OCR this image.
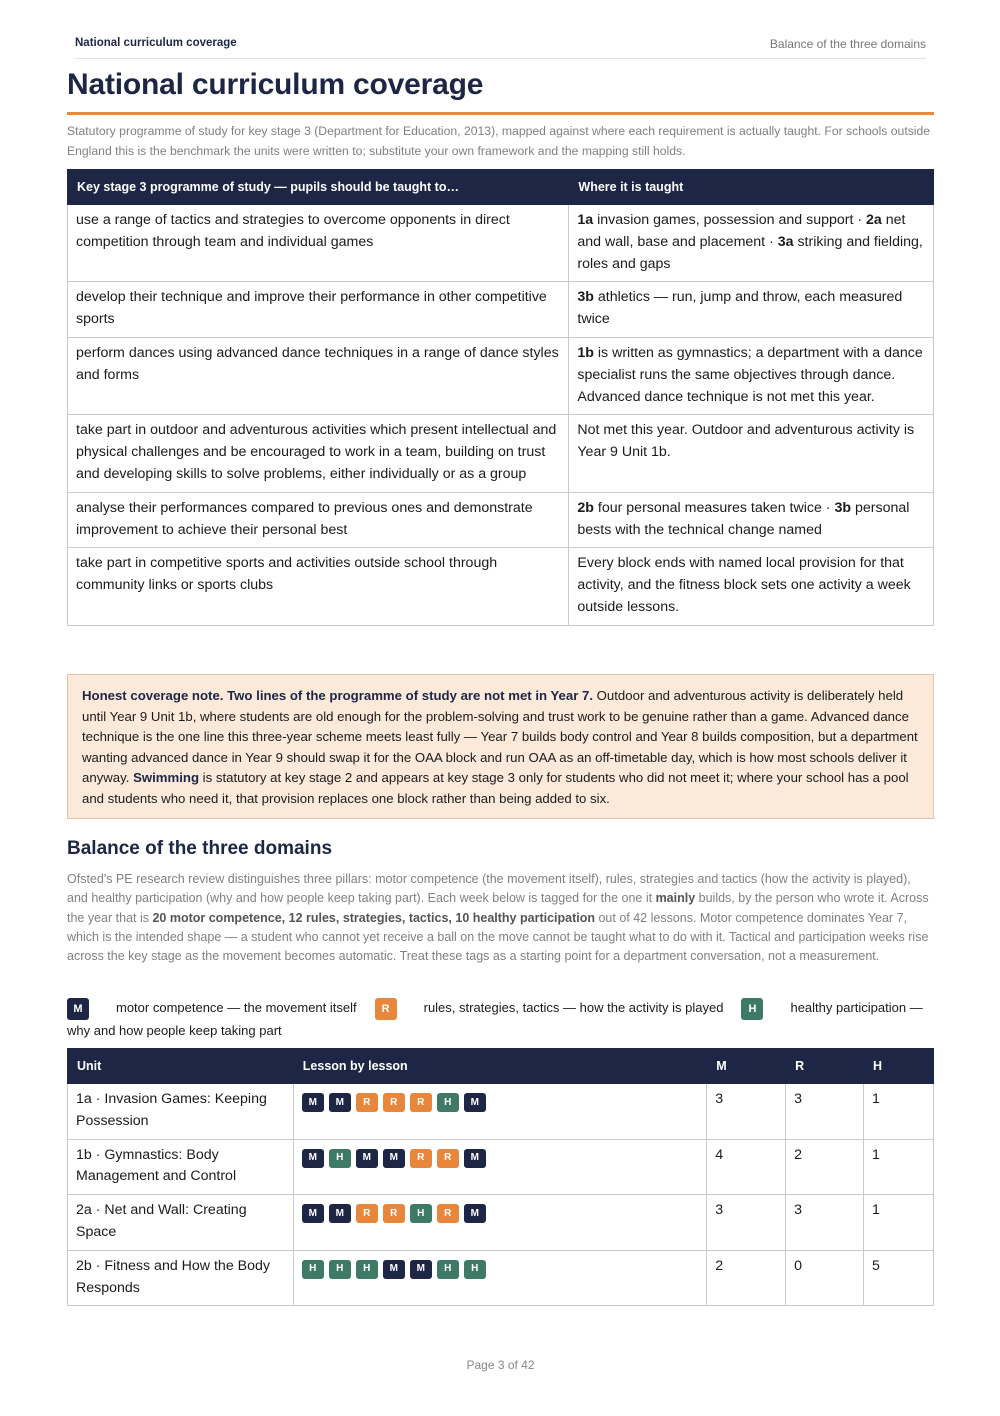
National curriculum coverage	Balance of the three domains
National curriculum coverage

Statutory programme of study for key stage 3 (Department for Education, 2013), mapped against where each requirement is actually taught. For schools outside England this is the benchmark the units were written to; substitute your own framework and the mapping still holds.

Key stage 3 programme of study — pupils should be taught to…	Where it is taught
use a range of tactics and strategies to overcome opponents in direct competition through team and individual games	1a invasion games, possession and support · 2a net and wall, base and placement · 3a striking and fielding, roles and gaps
develop their technique and improve their performance in other competitive sports	3b athletics — run, jump and throw, each measured twice
perform dances using advanced dance techniques in a range of dance styles and forms	1b is written as gymnastics; a department with a dance specialist runs the same objectives through dance. Advanced dance technique is not met this year.
take part in outdoor and adventurous activities which present intellectual and physical challenges and be encouraged to work in a team, building on trust and developing skills to solve problems, either individually or as a group	Not met this year. Outdoor and adventurous activity is Year 9 Unit 1b.
analyse their performances compared to previous ones and demonstrate improvement to achieve their personal best	2b four personal measures taken twice · 3b personal bests with the technical change named
take part in competitive sports and activities outside school through community links or sports clubs	Every block ends with named local provision for that activity, and the fitness block sets one activity a week outside lessons.
Honest coverage note. Two lines of the programme of study are not met in Year 7. Outdoor and adventurous activity is deliberately held until Year 9 Unit 1b, where students are old enough for the problem-solving and trust work to be genuine rather than a game. Advanced dance technique is the one line this three-year scheme meets least fully — Year 7 builds body control and Year 8 builds composition, but a department wanting advanced dance in Year 9 should swap it for the OAA block and run OAA as an off-timetable day, which is how most schools deliver it anyway. Swimming is statutory at key stage 2 and appears at key stage 3 only for students who did not meet it; where your school has a pool and students who need it, that provision replaces one block rather than being added to six.
Balance of the three domains

Ofsted's PE research review distinguishes three pillars: motor competence (the movement itself), rules, strategies and tactics (how the activity is played), and healthy participation (why and how people keep taking part). Each week below is tagged for the one it mainly builds, by the person who wrote it. Across the year that is 20 motor competence, 12 rules, strategies, tactics, 10 healthy participation out of 42 lessons. Motor competence dominates Year 7, which is the intended shape — a student who cannot yet receive a ball on the move cannot be taught what to do with it. Tactical and participation weeks rise across the key stage as the movement becomes automatic. Treat these tags as a starting point for a department conversation, not a measurement.

M	motor competence — the movement itself R	rules, strategies, tactics — how the activity is played H	healthy participation — why and how people keep taking part
Unit	Lesson by lesson	M	R	H
1a · Invasion Games: Keeping Possession	M M R R R H M	3	3	1
1b · Gymnastics: Body Management and Control	M H M M R R M	4	2	1
2a · Net and Wall: Creating Space	M M R R H R M	3	3	1
2b · Fitness and How the Body Responds	H H H M M H H	2	0	5
Page 3 of 42
